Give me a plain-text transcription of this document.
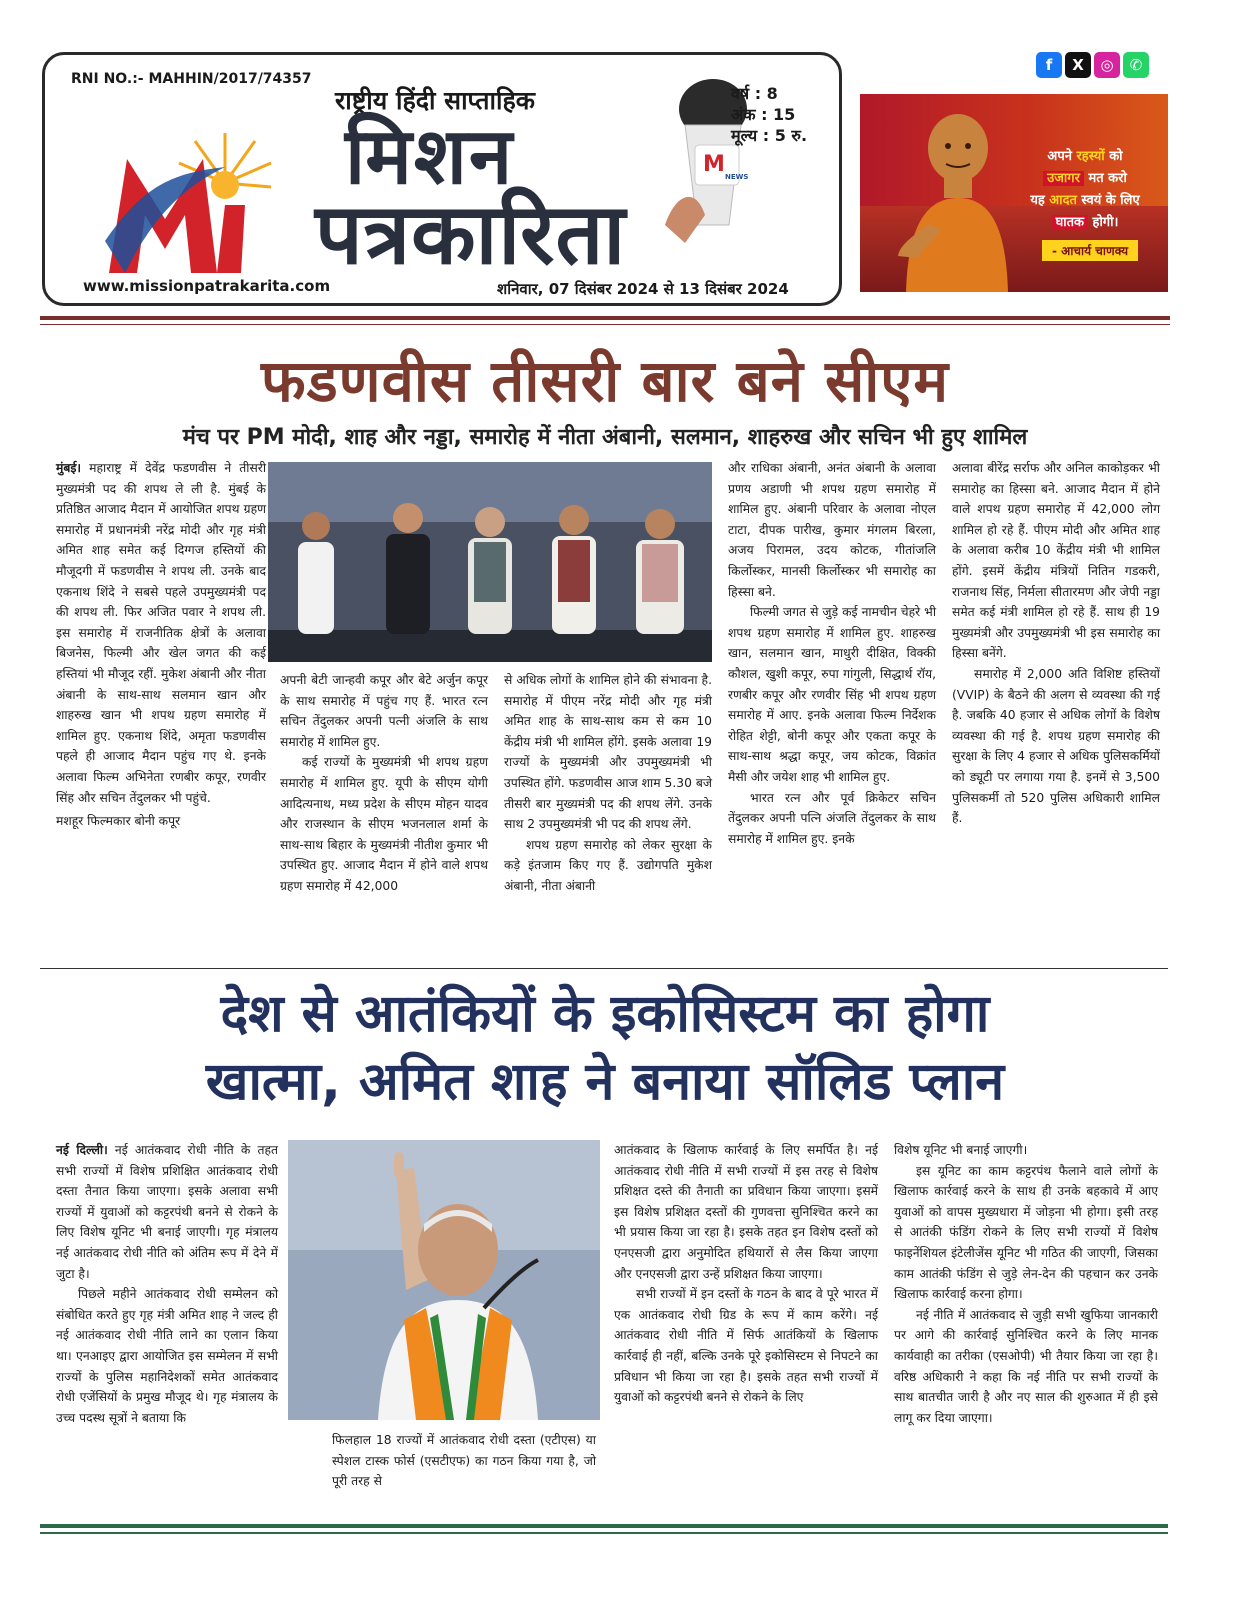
RNI NO.:- MAHHIN/2017/74357
राष्ट्रीय हिंदी साप्ताहिक
मिशन
पत्रकारिता
M NEWS
वर्ष : 8
अंक : 15
मूल्य : 5 रु.
www.missionpatrakarita.com	शनिवार, 07 दिसंबर 2024 से 13 दिसंबर 2024
f X ◎ ✆
अपने रहस्यों को
उजागर मत करो
यह आदत स्वयं के लिए
घातक होगी।
- आचार्य चाणक्य
फडणवीस तीसरी बार बने सीएम
मंच पर PM मोदी, शाह और नड्डा, समारोह में नीता अंबानी, सलमान, शाहरुख और सचिन भी हुए शामिल

मुंबई। महाराष्ट्र में देवेंद्र फडणवीस ने तीसरी मुख्यमंत्री पद की शपथ ले ली है. मुंबई के प्रतिष्ठित आजाद मैदान में आयोजित शपथ ग्रहण समारोह में प्रधानमंत्री नरेंद्र मोदी और गृह मंत्री अमित शाह समेत कई दिग्गज हस्तियों की मौजूदगी में फडणवीस ने शपथ ली. उनके बाद एकनाथ शिंदे ने सबसे पहले उपमुख्यमंत्री पद की शपथ ली. फिर अजित पवार ने शपथ ली. इस समारोह में राजनीतिक क्षेत्रों के अलावा बिजनेस, फिल्मी और खेल जगत की कई हस्तियां भी मौजूद रहीं. मुकेश अंबानी और नीता अंबानी के साथ-साथ सलमान खान और शाहरुख खान भी शपथ ग्रहण समारोह में शामिल हुए. एकनाथ शिंदे, अमृता फडणवीस पहले ही आजाद मैदान पहुंच गए थे. इनके अलावा फिल्म अभिनेता रणबीर कपूर, रणवीर सिंह और सचिन तेंदुलकर भी पहुंचे.

मशहूर फिल्मकार बोनी कपूर

अपनी बेटी जान्हवी कपूर और बेटे अर्जुन कपूर के साथ समारोह में पहुंच गए हैं. भारत रत्न सचिन तेंदुलकर अपनी पत्नी अंजलि के साथ समारोह में शामिल हुए.

कई राज्यों के मुख्यमंत्री भी शपथ ग्रहण समारोह में शामिल हुए. यूपी के सीएम योगी आदित्यनाथ, मध्य प्रदेश के सीएम मोहन यादव और राजस्थान के सीएम भजनलाल शर्मा के साथ-साथ बिहार के मुख्यमंत्री नीतीश कुमार भी उपस्थित हुए. आजाद मैदान में होने वाले शपथ ग्रहण समारोह में 42,000

से अधिक लोगों के शामिल होने की संभावना है. समारोह में पीएम नरेंद्र मोदी और गृह मंत्री अमित शाह के साथ-साथ कम से कम 10 केंद्रीय मंत्री भी शामिल होंगे. इसके अलावा 19 राज्यों के मुख्यमंत्री और उपमुख्यमंत्री भी उपस्थित होंगे. फडणवीस आज शाम 5.30 बजे तीसरी बार मुख्यमंत्री पद की शपथ लेंगे. उनके साथ 2 उपमुख्यमंत्री भी पद की शपथ लेंगे.

शपथ ग्रहण समारोह को लेकर सुरक्षा के कड़े इंतजाम किए गए हैं. उद्योगपति मुकेश अंबानी, नीता अंबानी

और राधिका अंबानी, अनंत अंबानी के अलावा प्रणय अडाणी भी शपथ ग्रहण समारोह में शामिल हुए. अंबानी परिवार के अलावा नोएल टाटा, दीपक पारीख, कुमार मंगलम बिरला, अजय पिरामल, उदय कोटक, गीतांजलि किर्लोस्कर, मानसी किर्लोस्कर भी समारोह का हिस्सा बने.

फिल्मी जगत से जुड़े कई नामचीन चेहरे भी शपथ ग्रहण समारोह में शामिल हुए. शाहरुख खान, सलमान खान, माधुरी दीक्षित, विक्की कौशल, खुशी कपूर, रुपा गांगुली, सिद्धार्थ रॉय, रणबीर कपूर और रणवीर सिंह भी शपथ ग्रहण समारोह में आए. इनके अलावा फिल्म निर्देशक रोहित शेट्टी, बोनी कपूर और एकता कपूर के साथ-साथ श्रद्धा कपूर, जय कोटक, विक्रांत मैसी और जयेश शाह भी शामिल हुए.

भारत रत्न और पूर्व क्रिकेटर सचिन तेंदुलकर अपनी पत्नि अंजलि तेंदुलकर के साथ समारोह में शामिल हुए. इनके

अलावा बीरेंद्र सर्राफ और अनिल काकोड़कर भी समारोह का हिस्सा बने. आजाद मैदान में होने वाले शपथ ग्रहण समारोह में 42,000 लोग शामिल हो रहे हैं. पीएम मोदी और अमित शाह के अलावा करीब 10 केंद्रीय मंत्री भी शामिल होंगे. इसमें केंद्रीय मंत्रियों नितिन गडकरी, राजनाथ सिंह, निर्मला सीतारमण और जेपी नड्डा समेत कई मंत्री शामिल हो रहे हैं. साथ ही 19 मुख्यमंत्री और उपमुख्यमंत्री भी इस समारोह का हिस्सा बनेंगे.

समारोह में 2,000 अति विशिष्ट हस्तियों (VVIP) के बैठने की अलग से व्यवस्था की गई है. जबकि 40 हजार से अधिक लोगों के विशेष व्यवस्था की गई है. शपथ ग्रहण समारोह की सुरक्षा के लिए 4 हजार से अधिक पुलिसकर्मियों को ड्यूटी पर लगाया गया है. इनमें से 3,500 पुलिसकर्मी तो 520 पुलिस अधिकारी शामिल हैं.

देश से आतंकियों के इकोसिस्टम का होगा
खात्मा, अमित शाह ने बनाया सॉलिड प्लान

नई दिल्ली। नई आतंकवाद रोधी नीति के तहत सभी राज्यों में विशेष प्रशिक्षित आतंकवाद रोधी दस्ता तैनात किया जाएगा। इसके अलावा सभी राज्यों में युवाओं को कट्टरपंथी बनने से रोकने के लिए विशेष यूनिट भी बनाई जाएगी। गृह मंत्रालय नई आतंकवाद रोधी नीति को अंतिम रूप में देने में जुटा है।

पिछले महीने आतंकवाद रोधी सम्मेलन को संबोधित करते हुए गृह मंत्री अमित शाह ने जल्द ही नई आतंकवाद रोधी नीति लाने का एलान किया था। एनआइए द्वारा आयोजित इस सम्मेलन में सभी राज्यों के पुलिस महानिदेशकों समेत आतंकवाद रोधी एजेंसियों के प्रमुख मौजूद थे। गृह मंत्रालय के उच्च पदस्थ सूत्रों ने बताया कि

फिलहाल 18 राज्यों में आतंकवाद रोधी दस्ता (एटीएस) या स्पेशल टास्क फोर्स (एसटीएफ) का गठन किया गया है, जो पूरी तरह से

आतंकवाद के खिलाफ कार्रवाई के लिए समर्पित है। नई आतंकवाद रोधी नीति में सभी राज्यों में इस तरह से विशेष प्रशिक्षत दस्ते की तैनाती का प्रविधान किया जाएगा। इसमें इस विशेष प्रशिक्षत दस्तों की गुणवत्ता सुनिश्चित करने का भी प्रयास किया जा रहा है। इसके तहत इन विशेष दस्तों को एनएसजी द्वारा अनुमोदित हथियारों से लैस किया जाएगा और एनएसजी द्वारा उन्हें प्रशिक्षत किया जाएगा।

सभी राज्यों में इन दस्तों के गठन के बाद वे पूरे भारत में एक आतंकवाद रोधी ग्रिड के रूप में काम करेंगे। नई आतंकवाद रोधी नीति में सिर्फ आतंकियों के खिलाफ कार्रवाई ही नहीं, बल्कि उनके पूरे इकोसिस्टम से निपटने का प्रविधान भी किया जा रहा है। इसके तहत सभी राज्यों में युवाओं को कट्टरपंथी बनने से रोकने के लिए

विशेष यूनिट भी बनाई जाएगी।

इस यूनिट का काम कट्टरपंथ फैलाने वाले लोगों के खिलाफ कार्रवाई करने के साथ ही उनके बहकावे में आए युवाओं को वापस मुख्यधारा में जोड़ना भी होगा। इसी तरह से आतंकी फंडिंग रोकने के लिए सभी राज्यों में विशेष फाइनेंशियल इंटेलीजेंस यूनिट भी गठित की जाएगी, जिसका काम आतंकी फंडिंग से जुड़े लेन-देन की पहचान कर उनके खिलाफ कार्रवाई करना होगा।

नई नीति में आतंकवाद से जुड़ी सभी खुफिया जानकारी पर आगे की कार्रवाई सुनिश्चित करने के लिए मानक कार्यवाही का तरीका (एसओपी) भी तैयार किया जा रहा है। वरिष्ठ अधिकारी ने कहा कि नई नीति पर सभी राज्यों के साथ बातचीत जारी है और नए साल की शुरुआत में ही इसे लागू कर दिया जाएगा।
